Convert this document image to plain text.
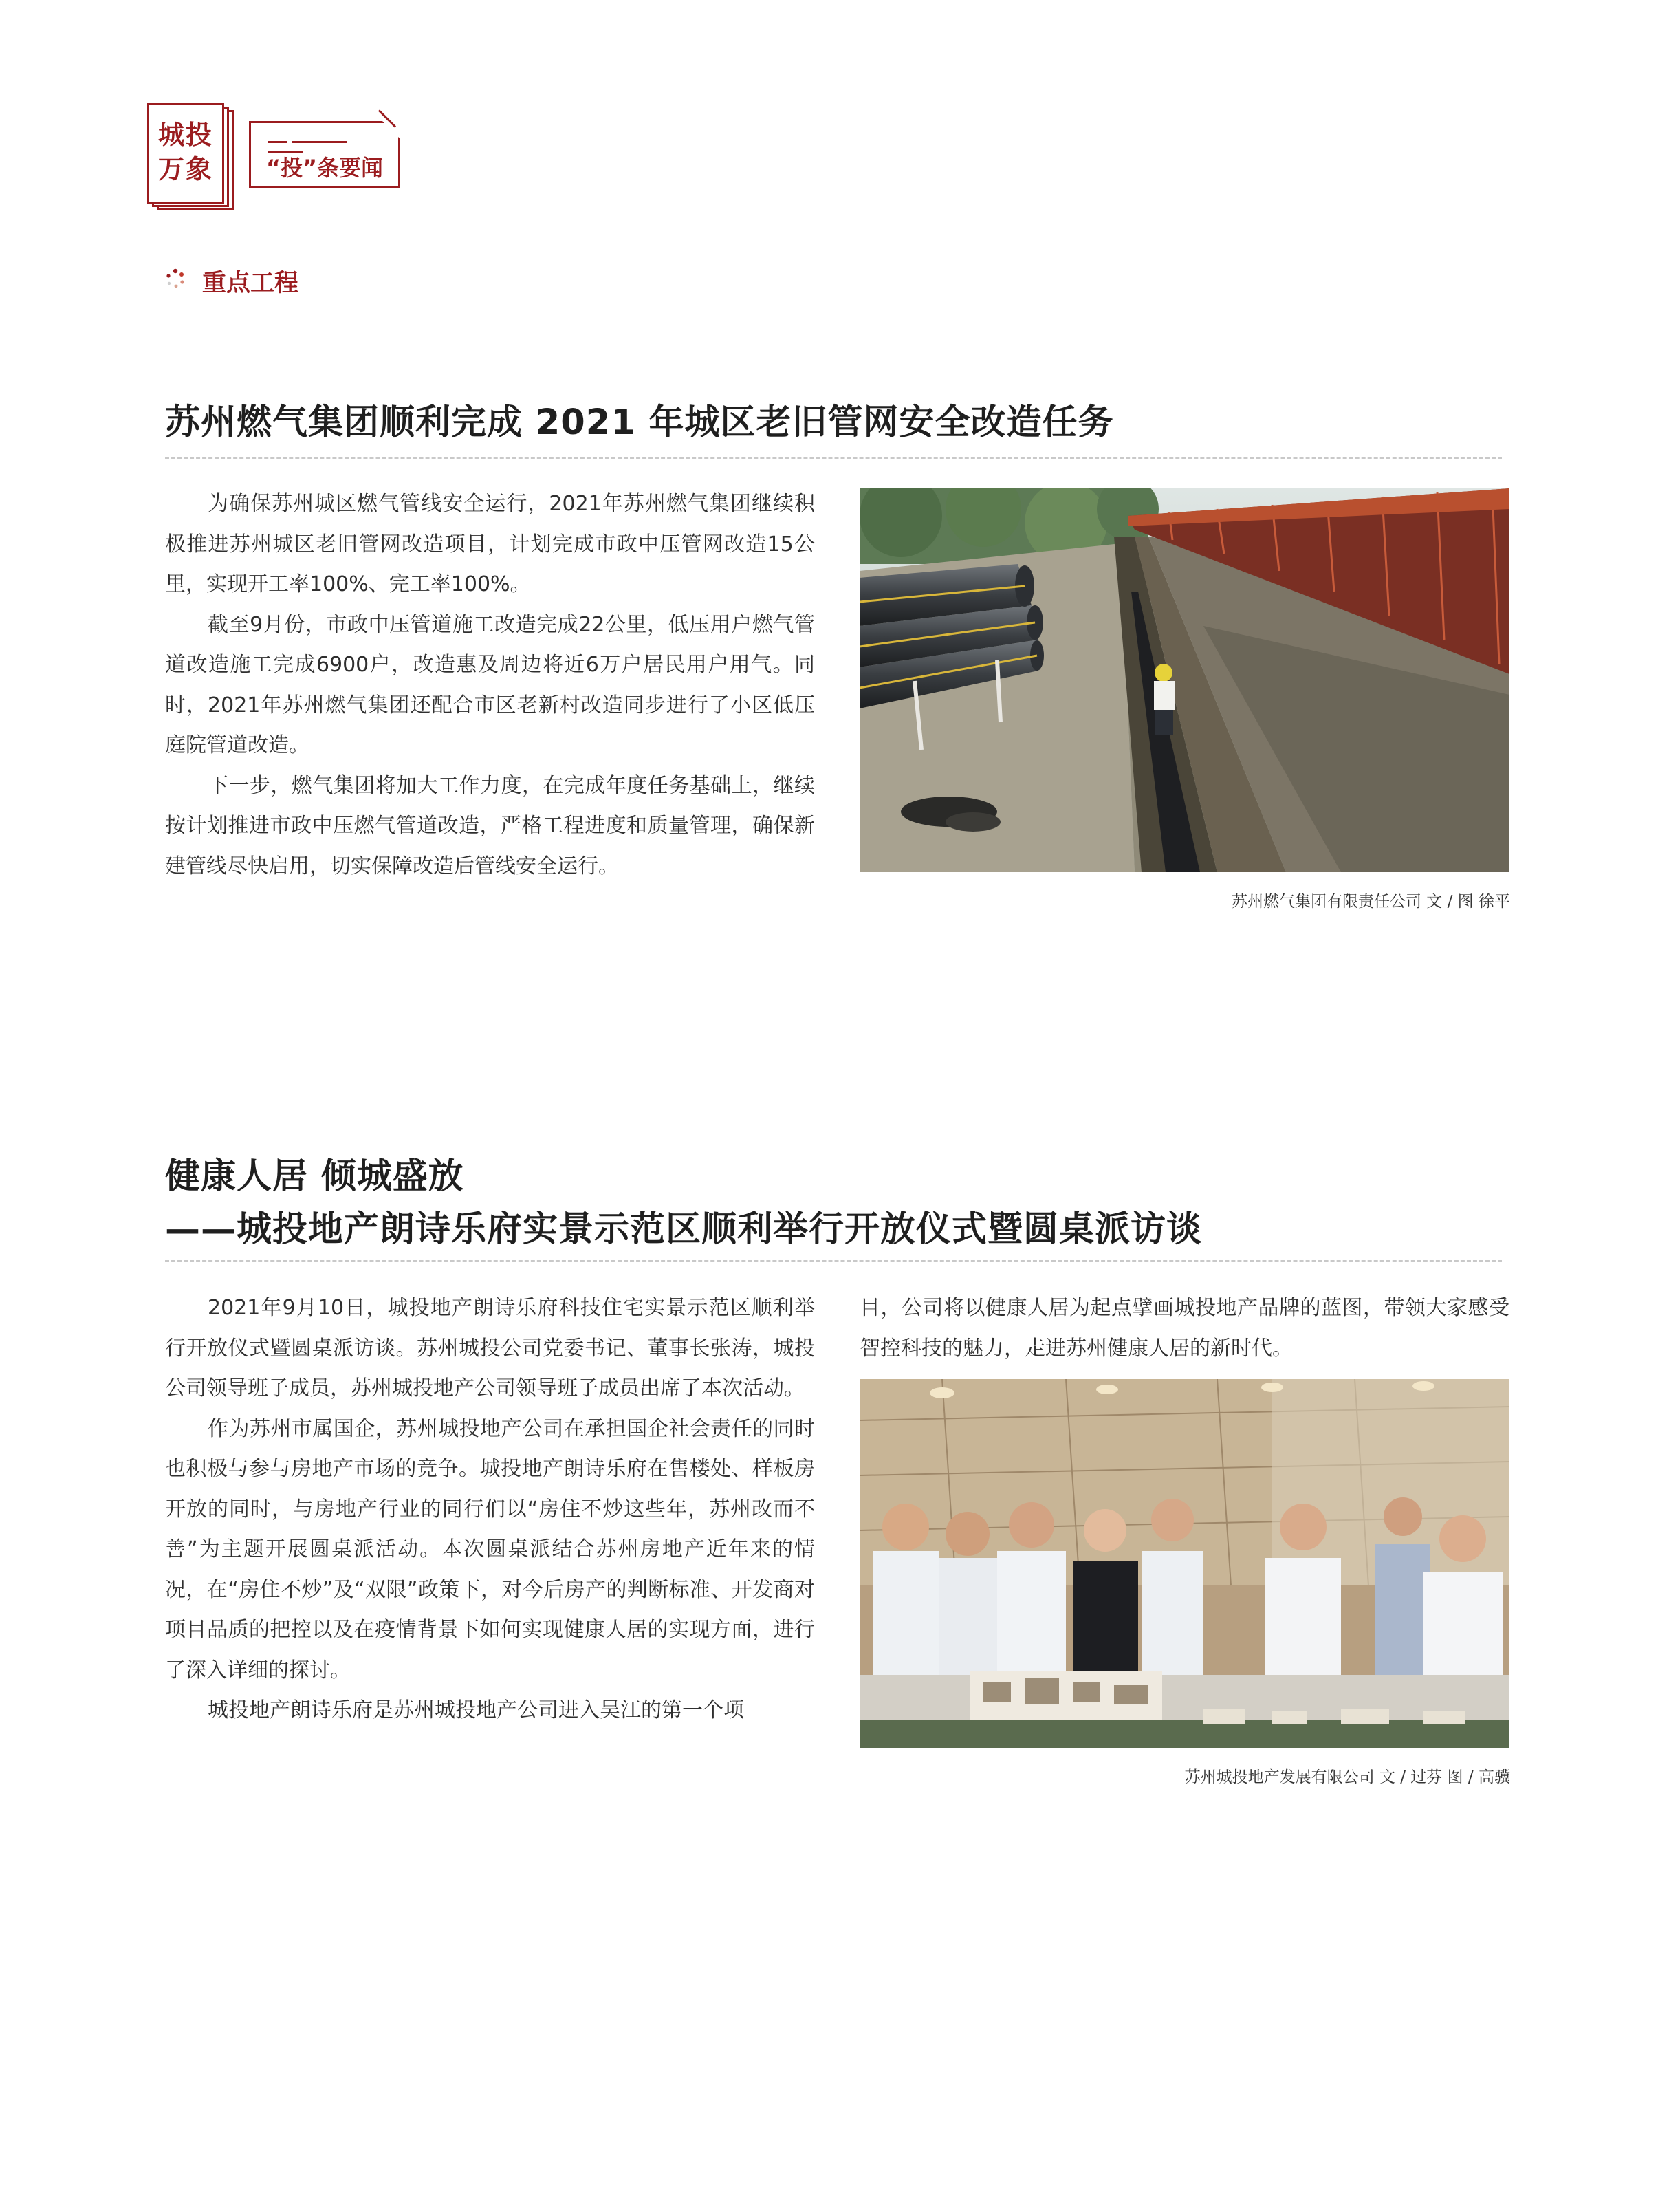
城投
万象	“投”条要闻
重点工程
苏州燃气集团顺利完成 2021 年城区老旧管网安全改造任务

为确保苏州城区燃气管线安全运行，2021年苏州燃气集团继续积极推进苏州城区老旧管网改造项目，计划完成市政中压管网改造15公里，实现开工率100%、完工率100%。

截至9月份，市政中压管道施工改造完成22公里，低压用户燃气管道改造施工完成6900户，改造惠及周边将近6万户居民用户用气。同时，2021年苏州燃气集团还配合市区老新村改造同步进行了小区低压庭院管道改造。

下一步，燃气集团将加大工作力度，在完成年度任务基础上，继续按计划推进市政中压燃气管道改造，严格工程进度和质量管理，确保新建管线尽快启用，切实保障改造后管线安全运行。

苏州燃气集团有限责任公司 文 / 图 徐平
健康人居 倾城盛放
——城投地产朗诗乐府实景示范区顺利举行开放仪式暨圆桌派访谈

2021年9月10日，城投地产朗诗乐府科技住宅实景示范区顺利举行开放仪式暨圆桌派访谈。苏州城投公司党委书记、董事长张涛，城投公司领导班子成员，苏州城投地产公司领导班子成员出席了本次活动。

作为苏州市属国企，苏州城投地产公司在承担国企社会责任的同时也积极与参与房地产市场的竞争。城投地产朗诗乐府在售楼处、样板房开放的同时，与房地产行业的同行们以“房住不炒这些年，苏州改而不善”为主题开展圆桌派活动。本次圆桌派结合苏州房地产近年来的情况，在“房住不炒”及“双限”政策下，对今后房产的判断标准、开发商对项目品质的把控以及在疫情背景下如何实现健康人居的实现方面，进行了深入详细的探讨。

城投地产朗诗乐府是苏州城投地产公司进入吴江的第一个项

目，公司将以健康人居为起点擘画城投地产品牌的蓝图，带领大家感受智控科技的魅力，走进苏州健康人居的新时代。

苏州城投地产发展有限公司 文 / 过芬 图 / 高骥
